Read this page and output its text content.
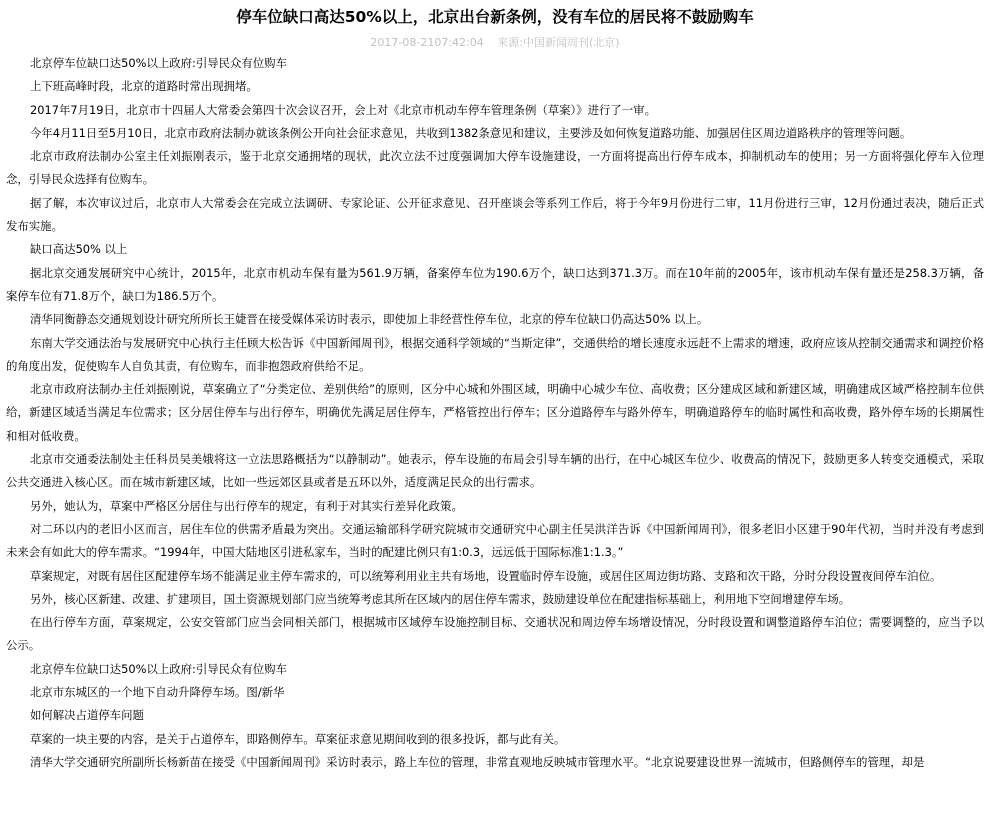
停车位缺口高达50%以上，北京出台新条例，没有车位的居民将不鼓励购车
2017-08-2107:42:04 来源:中国新闻周刊(北京)

北京停车位缺口达50%以上政府:引导民众有位购车

上下班高峰时段，北京的道路时常出现拥堵。

2017年7月19日，北京市十四届人大常委会第四十次会议召开，会上对《北京市机动车停车管理条例（草案）》进行了一审。

今年4月11日至5月10日，北京市政府法制办就该条例公开向社会征求意见，共收到1382条意见和建议，主要涉及如何恢复道路功能、加强居住区周边道路秩序的管理等问题。

北京市政府法制办公室主任刘振刚表示，鉴于北京交通拥堵的现状，此次立法不过度强调加大停车设施建设，一方面将提高出行停车成本，抑制机动车的使用；另一方面将强化停车入位理念，引导民众选择有位购车。

据了解，本次审议过后，北京市人大常委会在完成立法调研、专家论证、公开征求意见、召开座谈会等系列工作后，将于今年9月份进行二审，11月份进行三审，12月份通过表决，随后正式发布实施。

缺口高达50% 以上

据北京交通发展研究中心统计，2015年，北京市机动车保有量为561.9万辆，备案停车位为190.6万个，缺口达到371.3万。而在10年前的2005年，该市机动车保有量还是258.3万辆，备案停车位有71.8万个，缺口为186.5万个。

清华同衡静态交通规划设计研究所所长王婕晋在接受媒体采访时表示，即使加上非经营性停车位，北京的停车位缺口仍高达50% 以上。

东南大学交通法治与发展研究中心执行主任顾大松告诉《中国新闻周刊》，根据交通科学领域的“当斯定律”，交通供给的增长速度永远赶不上需求的增速，政府应该从控制交通需求和调控价格的角度出发，促使购车人自负其责，有位购车，而非抱怨政府供给不足。

北京市政府法制办主任刘振刚说，草案确立了“分类定位、差别供给”的原则，区分中心城和外围区域，明确中心城少车位、高收费；区分建成区域和新建区域，明确建成区域严格控制车位供给，新建区域适当满足车位需求；区分居住停车与出行停车，明确优先满足居住停车，严格管控出行停车；区分道路停车与路外停车，明确道路停车的临时属性和高收费，路外停车场的长期属性和相对低收费。

北京市交通委法制处主任科员吴美娥将这一立法思路概括为“以静制动”。她表示，停车设施的布局会引导车辆的出行，在中心城区车位少、收费高的情况下，鼓励更多人转变交通模式，采取公共交通进入核心区。而在城市新建区域，比如一些远郊区县或者是五环以外，适度满足民众的出行需求。

另外，她认为，草案中严格区分居住与出行停车的规定，有利于对其实行差异化政策。

对二环以内的老旧小区而言，居住车位的供需矛盾最为突出。交通运输部科学研究院城市交通研究中心副主任吴洪洋告诉《中国新闻周刊》，很多老旧小区建于90年代初，当时并没有考虑到未来会有如此大的停车需求。“1994年，中国大陆地区引进私家车，当时的配建比例只有1:0.3，远远低于国际标准1:1.3。”

草案规定，对既有居住区配建停车场不能满足业主停车需求的，可以统筹利用业主共有场地，设置临时停车设施，或居住区周边街坊路、支路和次干路，分时分段设置夜间停车泊位。

另外，核心区新建、改建、扩建项目，国土资源规划部门应当统筹考虑其所在区域内的居住停车需求，鼓励建设单位在配建指标基础上，利用地下空间增建停车场。

在出行停车方面，草案规定，公安交管部门应当会同相关部门，根据城市区域停车设施控制目标、交通状况和周边停车场增设情况，分时段设置和调整道路停车泊位；需要调整的，应当予以公示。

北京停车位缺口达50%以上政府:引导民众有位购车

北京市东城区的一个地下自动升降停车场。图/新华

如何解决占道停车问题

草案的一块主要的内容，是关于占道停车，即路侧停车。草案征求意见期间收到的很多投诉，都与此有关。

清华大学交通研究所副所长杨新苗在接受《中国新闻周刊》采访时表示，路上车位的管理，非常直观地反映城市管理水平。“北京说要建设世界一流城市，但路侧停车的管理，却是
